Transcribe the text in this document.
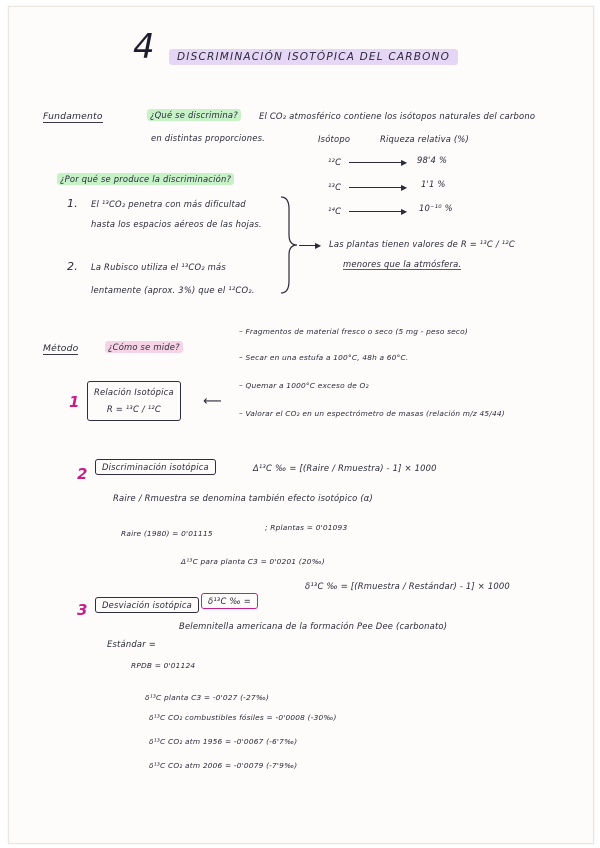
4	DISCRIMINACIÓN ISOTÓPICA DEL CARBONO
Fundamento	¿Qué se discrimina?	El CO₂ atmosférico contiene los isótopos naturales del carbono
en distintas proporciones.	Isótopo	Riqueza relativa (%)
¹²C	▶ 98'4 %
¹³C	▶ 1'1 %
¹⁴C	▶ 10⁻¹⁰ %
¿Por qué se produce la discriminación?
1. El ¹³CO₂ penetra con más dificultad
hasta los espacios aéreos de las hojas.
2. La Rubisco utiliza el ¹³CO₂ más
lentamente (aprox. 3%) que el ¹²CO₂.
▶ Las plantas tienen valores de R = ¹³C / ¹²C
menores que la atmósfera.
Método	¿Cómo se mide?
– Fragmentos de material fresco o seco (5 mg - peso seco)
– Secar en una estufa a 100°C, 48h a 60°C.
– Quemar a 1000°C exceso de O₂
– Valorar el CO₂ en un espectrómetro de masas (relación m/z 45/44)
1
Relación Isotópica
R = ¹³C / ¹²C	⟵
2	Discriminación isotópica	Δ¹³C ‰ = [(Raire / Rmuestra) - 1] × 1000
Raire / Rmuestra se denomina también efecto isotópico (α)
Raire (1980) = 0'01115
; Rplantas = 0'01093
Δ¹³C para planta C3 = 0'0201 (20‰)
3	Desviación isotópica	δ¹³C ‰ =
δ¹³C ‰ = [(Rmuestra / Restándar) - 1] × 1000
Estándar =
Belemnitella americana de la formación Pee Dee (carbonato)
RPDB = 0'01124
δ¹³C planta C3 = -0'027 (-27‰)
δ¹³C CO₂ combustibles fósiles = -0'0008 (-30‰)
δ¹³C CO₂ atm 1956 = -0'0067 (-6'7‰)
δ¹³C CO₂ atm 2006 = -0'0079 (-7'9‰)
